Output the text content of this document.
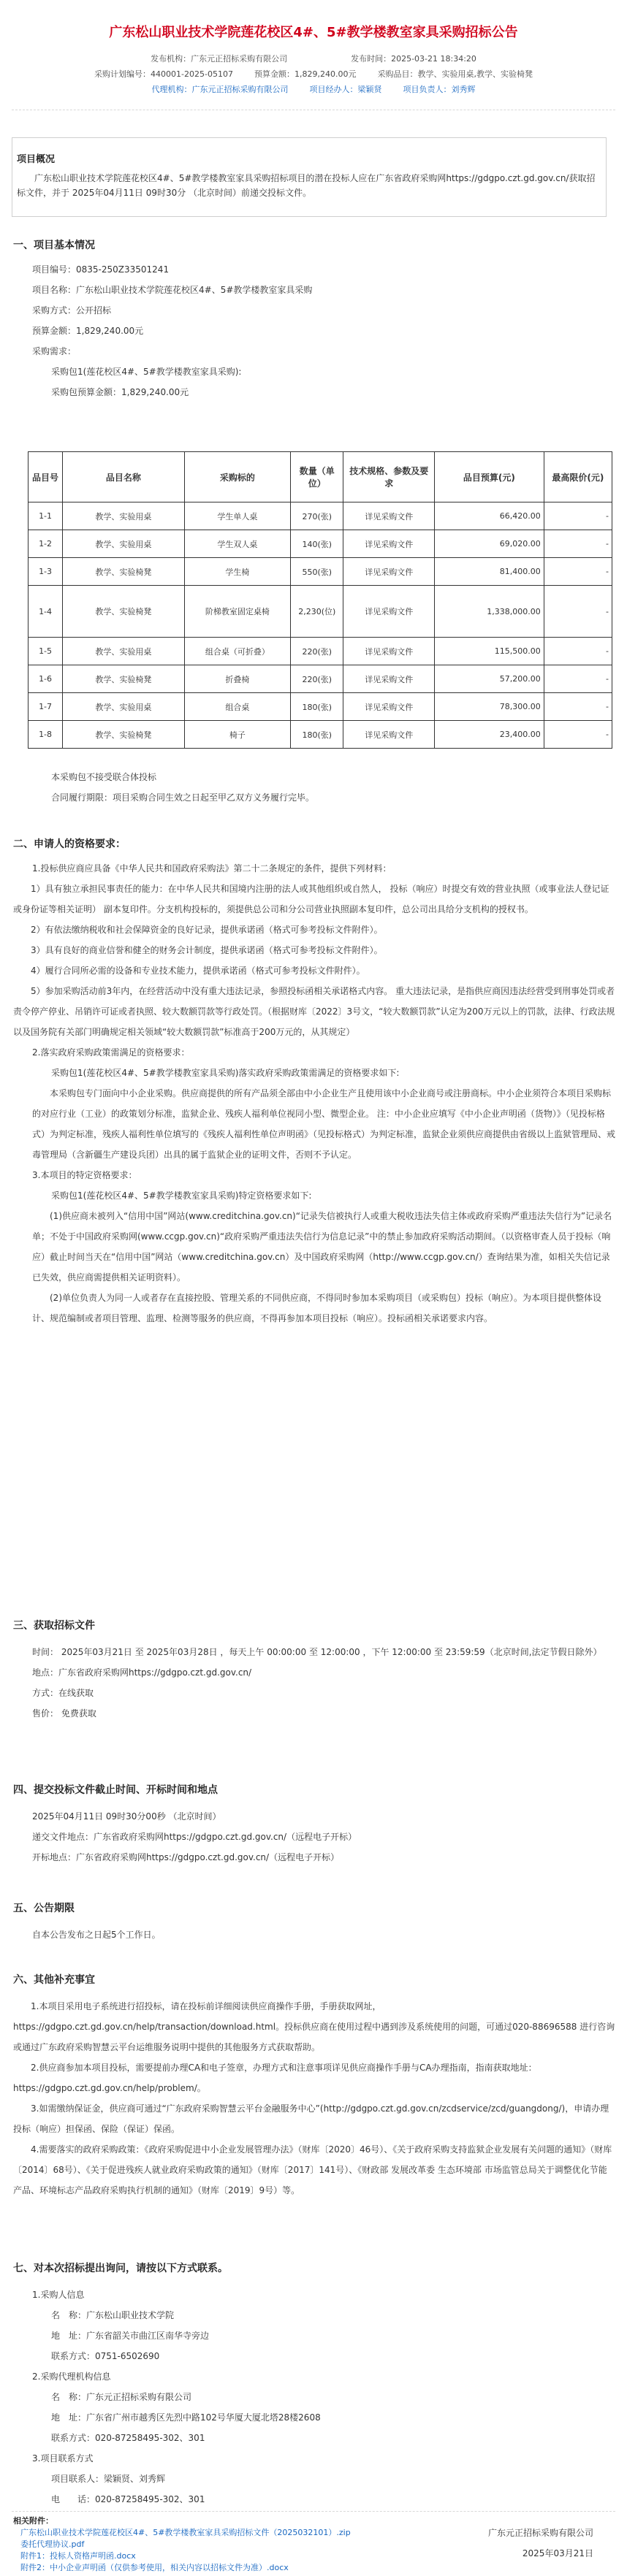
广东松山职业技术学院莲花校区4#、5#教学楼教室家具采购招标公告
发布机构：广东元正招标采购有限公司	发布时间：2025-03-21 18:34:20
采购计划编号：440001-2025-05107	预算金额：1,829,240.00元	采购品目：教学、实验用桌,教学、实验椅凳
代理机构：广东元正招标采购有限公司	项目经办人：梁颖贤	项目负责人：刘秀辉
项目概况

广东松山职业技术学院莲花校区4#、5#教学楼教室家具采购招标项目的潜在投标人应在广东省政府采购网https://gdgpo.czt.gd.gov.cn/获取招标文件，并于 2025年04月11日 09时30分 （北京时间）前递交投标文件。

一、项目基本情况

项目编号：0835-250Z33501241

项目名称：广东松山职业技术学院莲花校区4#、5#教学楼教室家具采购

采购方式：公开招标

预算金额：1,829,240.00元

采购需求：

采购包1(莲花校区4#、5#教学楼教室家具采购):

采购包预算金额：1,829,240.00元

品目号	品目名称	采购标的	数量（单位）	技术规格、参数及要求	品目预算(元)	最高限价(元)
1-1	教学、实验用桌	学生单人桌	270(张)	详见采购文件	66,420.00	-
1-2	教学、实验用桌	学生双人桌	140(张)	详见采购文件	69,020.00	-
1-3	教学、实验椅凳	学生椅	550(张)	详见采购文件	81,400.00	-
1-4	教学、实验椅凳	阶梯教室固定桌椅	2,230(位)	详见采购文件	1,338,000.00	-
1-5	教学、实验用桌	组合桌（可折叠）	220(张)	详见采购文件	115,500.00	-
1-6	教学、实验椅凳	折叠椅	220(张)	详见采购文件	57,200.00	-
1-7	教学、实验用桌	组合桌	180(张)	详见采购文件	78,300.00	-
1-8	教学、实验椅凳	椅子	180(张)	详见采购文件	23,400.00	-

本采购包不接受联合体投标

合同履行期限：项目采购合同生效之日起至甲乙双方义务履行完毕。

二、申请人的资格要求：

1.投标供应商应具备《中华人民共和国政府采购法》第二十二条规定的条件，提供下列材料：

1）具有独立承担民事责任的能力：在中华人民共和国境内注册的法人或其他组织或自然人， 投标（响应）时提交有效的营业执照（或事业法人登记证或身份证等相关证明） 副本复印件。分支机构投标的，须提供总公司和分公司营业执照副本复印件，总公司出具给分支机构的授权书。

2）有依法缴纳税收和社会保障资金的良好记录，提供承诺函（格式可参考投标文件附件）。

3）具有良好的商业信誉和健全的财务会计制度，提供承诺函（格式可参考投标文件附件）。

4）履行合同所必需的设备和专业技术能力，提供承诺函（格式可参考投标文件附件）。

5）参加采购活动前3年内，在经营活动中没有重大违法记录，参照投标函相关承诺格式内容。 重大违法记录，是指供应商因违法经营受到刑事处罚或者责令停产停业、吊销许可证或者执照、较大数额罚款等行政处罚。（根据财库〔2022〕3号文，“较大数额罚款”认定为200万元以上的罚款，法律、行政法规以及国务院有关部门明确规定相关领域“较大数额罚款”标准高于200万元的，从其规定）

2.落实政府采购政策需满足的资格要求：

采购包1(莲花校区4#、5#教学楼教室家具采购)落实政府采购政策需满足的资格要求如下:

本采购包专门面向中小企业采购。供应商提供的所有产品须全部由中小企业生产且使用该中小企业商号或注册商标。中小企业须符合本项目采购标的对应行业（工业）的政策划分标准，监狱企业、残疾人福利单位视同小型、微型企业。 注：中小企业应填写《中小企业声明函（货物）》（见投标格式）为判定标准，残疾人福利性单位填写的《残疾人福利性单位声明函》（见投标格式）为判定标准，监狱企业须供应商提供由省级以上监狱管理局、戒毒管理局（含新疆生产建设兵团）出具的属于监狱企业的证明文件，否则不予认定。

3.本项目的特定资格要求：

采购包1(莲花校区4#、5#教学楼教室家具采购)特定资格要求如下:

(1)供应商未被列入“信用中国”网站(www.creditchina.gov.cn)“记录失信被执行人或重大税收违法失信主体或政府采购严重违法失信行为”记录名单；不处于中国政府采购网(www.ccgp.gov.cn)“政府采购严重违法失信行为信息记录”中的禁止参加政府采购活动期间。（以资格审查人员于投标（响应）截止时间当天在“信用中国”网站（www.creditchina.gov.cn）及中国政府采购网（http://www.ccgp.gov.cn/）查询结果为准，如相关失信记录已失效，供应商需提供相关证明资料）。

(2)单位负责人为同一人或者存在直接控股、管理关系的不同供应商，不得同时参加本采购项目（或采购包）投标（响应）。为本项目提供整体设计、规范编制或者项目管理、监理、检测等服务的供应商，不得再参加本项目投标（响应）。投标函相关承诺要求内容。

三、获取招标文件

时间： 2025年03月21日 至 2025年03月28日 ，每天上午 00:00:00 至 12:00:00 ，下午 12:00:00 至 23:59:59（北京时间,法定节假日除外）

地点：广东省政府采购网https://gdgpo.czt.gd.gov.cn/

方式：在线获取

售价： 免费获取

四、提交投标文件截止时间、开标时间和地点

2025年04月11日 09时30分00秒 （北京时间）

递交文件地点：广东省政府采购网https://gdgpo.czt.gd.gov.cn/（远程电子开标）

开标地点：广东省政府采购网https://gdgpo.czt.gd.gov.cn/（远程电子开标）

五、公告期限

自本公告发布之日起5个工作日。

六、其他补充事宜

1.本项目采用电子系统进行招投标，请在投标前详细阅读供应商操作手册，手册获取网址，https://gdgpo.czt.gd.gov.cn/help/transaction/download.html。投标供应商在使用过程中遇到涉及系统使用的问题，可通过020-88696588 进行咨询或通过广东政府采购智慧云平台运维服务说明中提供的其他服务方式获取帮助。

2.供应商参加本项目投标，需要提前办理CA和电子签章，办理方式和注意事项详见供应商操作手册与CA办理指南，指南获取地址：https://gdgpo.czt.gd.gov.cn/help/problem/。

3.如需缴纳保证金，供应商可通过“广东政府采购智慧云平台金融服务中心”(http://gdgpo.czt.gd.gov.cn/zcdservice/zcd/guangdong/)，申请办理投标（响应）担保函、保险（保证）保函。

4.需要落实的政府采购政策：《政府采购促进中小企业发展管理办法》（财库〔2020〕46号）、《关于政府采购支持监狱企业发展有关问题的通知》（财库〔2014〕68号）、《关于促进残疾人就业政府采购政策的通知》（财库〔2017〕141号）、《财政部 发展改革委 生态环境部 市场监管总局关于调整优化节能产品、环境标志产品政府采购执行机制的通知》（财库〔2019〕9号）等。

七、对本次招标提出询问，请按以下方式联系。

1.采购人信息

名　称：广东松山职业技术学院

地　址：广东省韶关市曲江区南华寺旁边

联系方式：0751-6502690

2.采购代理机构信息

名　称：广东元正招标采购有限公司

地　址：广东省广州市越秀区先烈中路102号华厦大厦北塔28楼2608

联系方式：020-87258495-302、301

3.项目联系方式

项目联系人：梁颖贤、刘秀辉

电　　话：020-87258495-302、301

广东元正招标采购有限公司

2025年03月21日

相关附件：
广东松山职业技术学院莲花校区4#、5#教学楼教室家具采购招标文件（2025032101）.zip
委托代理协议.pdf
附件1：投标人资格声明函.docx
附件2：中小企业声明函（仅供参考使用，相关内容以招标文件为准）.docx
